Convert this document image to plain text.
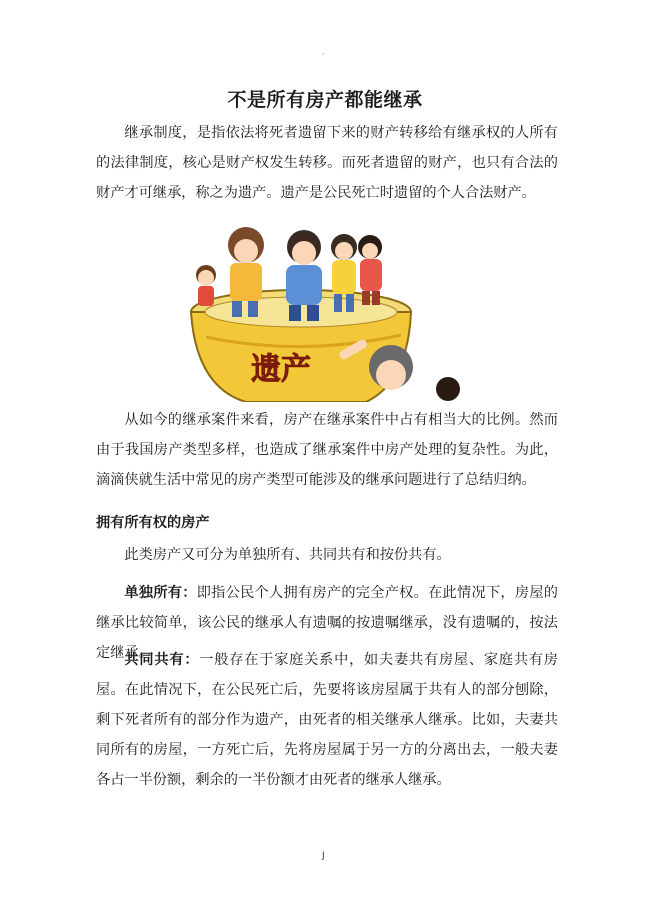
·
不是所有房产都能继承

继承制度，是指依法将死者遗留下来的财产转移给有继承权的人所有的法律制度，核心是财产权发生转移。而死者遗留的财产，也只有合法的财产才可继承，称之为遗产。遗产是公民死亡时遗留的个人合法财产。

遗产

从如今的继承案件来看，房产在继承案件中占有相当大的比例。然而由于我国房产类型多样，也造成了继承案件中房产处理的复杂性。为此，滴滴侠就生活中常见的房产类型可能涉及的继承问题进行了总结归纳。

拥有所有权的房产

此类房产又可分为单独所有、共同共有和按份共有。

单独所有：即指公民个人拥有房产的完全产权。在此情况下，房屋的继承比较简单，该公民的继承人有遗嘱的按遗嘱继承，没有遗嘱的，按法定继承。

共同共有：一般存在于家庭关系中，如夫妻共有房屋、家庭共有房屋。在此情况下，在公民死亡后，先要将该房屋属于共有人的部分刨除，剩下死者所有的部分作为遗产，由死者的相关继承人继承。比如，夫妻共同所有的房屋，一方死亡后，先将房屋属于另一方的分离出去，一般夫妻各占一半份额，剩余的一半份额才由死者的继承人继承。

J
